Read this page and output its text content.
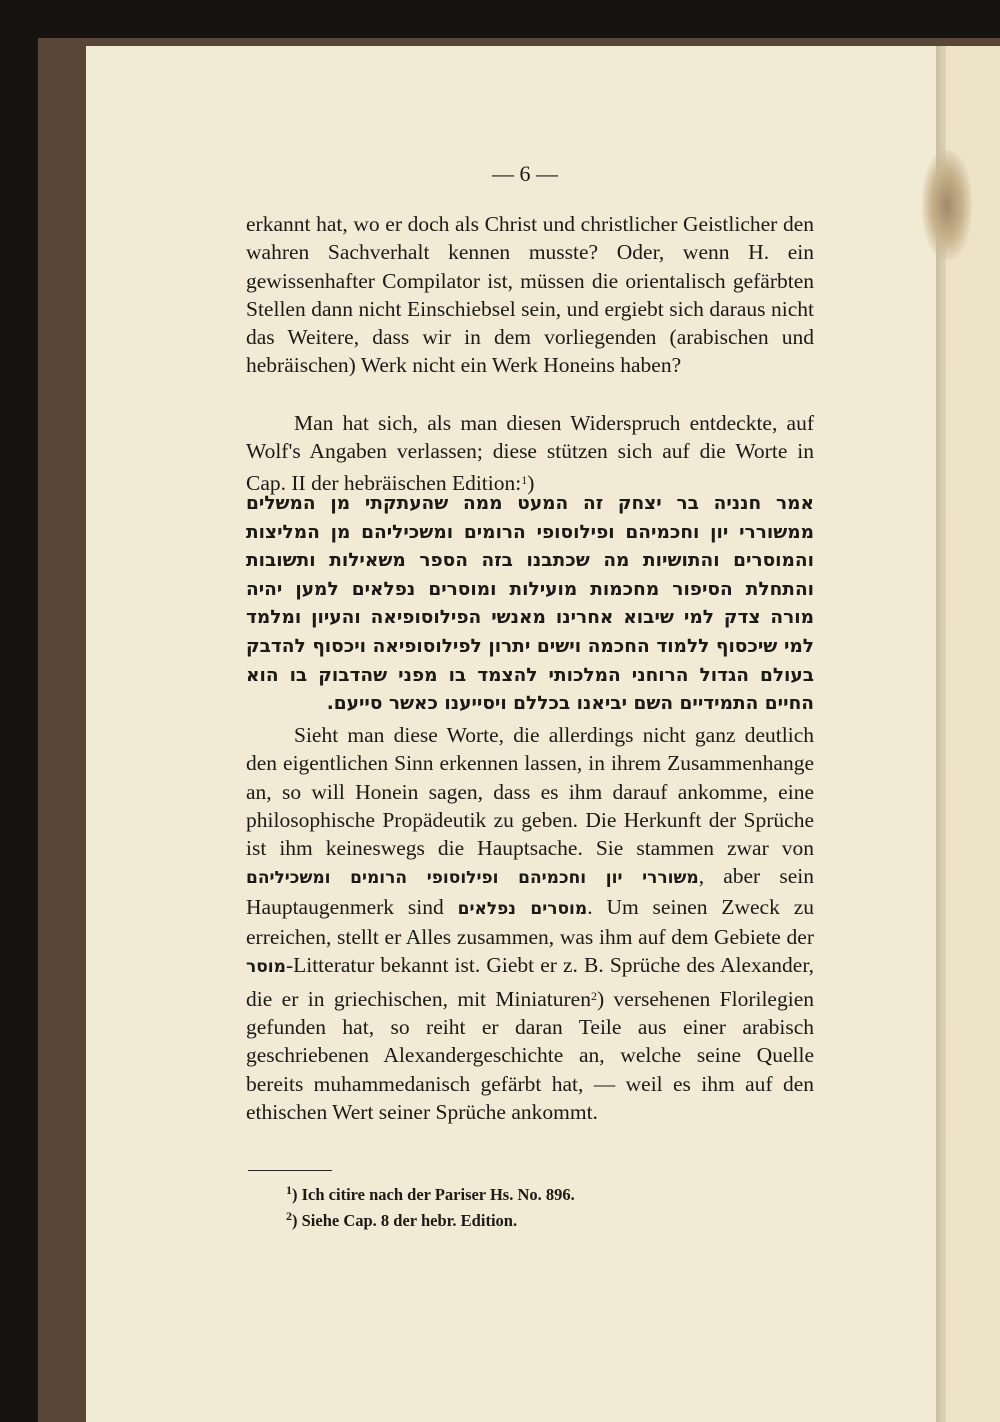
— 6 —
erkannt hat, wo er doch als Christ und christlicher Geistlicher den wahren Sachverhalt kennen musste? Oder, wenn H. ein gewissenhafter Compilator ist, müssen die orientalisch gefärbten Stellen dann nicht Einschiebsel sein, und ergiebt sich daraus nicht das Weitere, dass wir in dem vorliegenden (arabischen und hebräischen) Werk nicht ein Werk Honeins haben?
Man hat sich, als man diesen Widerspruch entdeckte, auf Wolf's Angaben verlassen; diese stützen sich auf die Worte in Cap. II der hebräischen Edition:$^1$)
אמר חנניה בר יצחק זה המעט ממה שהעתקתי מן המשלים ממשוררי יון וחכמיהם ופילוסופי הרומים ומשכיליהם מן המליצות והמוסרים והתושיות מה שכתבנו בזה הספר משאילות ותשובות והתחלת הסיפור מחכמות מועילות ומוסרים נפלאים למען יהיה מורה צדק למי שיבוא אחרינו מאנשי הפילוסופיאה והעיון ומלמד למי שיכסוף ללמוד החכמה וישים יתרון לפילוסופיאה ויכסוף להדבק בעולם הגדול הרוחני המלכותי להצמד בו מפני שהדבוק בו הוא החיים התמידיים השם יביאנו בכללם ויסייענו כאשר סייעם.
Sieht man diese Worte, die allerdings nicht ganz deutlich den eigentlichen Sinn erkennen lassen, in ihrem Zusammenhange an, so will Honein sagen, dass es ihm darauf ankomme, eine philosophische Propädeutik zu geben. Die Herkunft der Sprüche ist ihm keineswegs die Hauptsache. Sie stammen zwar von משוררי יון וחכמיהם ופילוסופי הרומים ומשכיליהם, aber sein Hauptaugenmerk sind מוסרים נפלאים. Um seinen Zweck zu erreichen, stellt er Alles zusammen, was ihm auf dem Gebiete der מוסר-Litteratur bekannt ist. Giebt er z. B. Sprüche des Alexander, die er in griechischen, mit Miniaturen$^2$) versehenen Florilegien gefunden hat, so reiht er daran Teile aus einer arabisch geschriebenen Alexandergeschichte an, welche seine Quelle bereits muhammedanisch gefärbt hat, — weil es ihm auf den ethischen Wert seiner Sprüche ankommt.
$^1$) Ich citire nach der Pariser Hs. No. 896.
$^2$) Siehe Cap. 8 der hebr. Edition.
